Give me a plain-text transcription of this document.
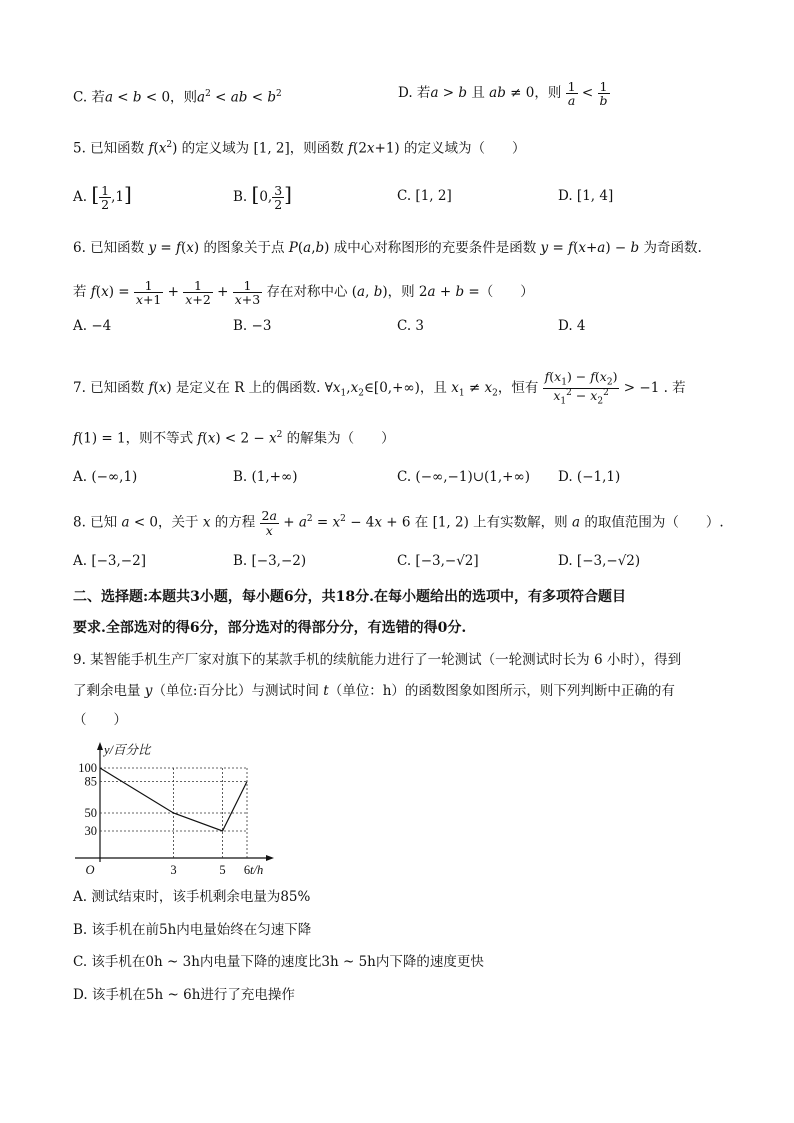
C. 若a < b < 0，则$a^2$ < ab < $b^2$	D. 若a > b 且 ab ≠ 0，则 $\frac{1}{a} < \frac{1}{b}$
5. 已知函数 $f(x^2)$ 的定义域为 [1, 2]，则函数 f(2x+1) 的定义域为（　　）
A. [ $\frac{1}{2} ,1$]	B. [0, $\frac{3}{2}$ ]	C. [1, 2]	D. [1, 4]
6. 已知函数 y = f(x) 的图象关于点 P(a,b) 成中心对称图形的充要条件是函数 y = f(x+a) − b 为奇函数.
若 $f(x) = \frac{1}{x+1} + \frac{1}{x+2} + \frac{1}{x+3}$ 存在对称中心 (a, b)，则 2a + b =（　　）
A. −4	B. −3	C. 3	D. 4
7. 已知函数 f(x) 是定义在 R 上的偶函数. $\forall x_1,x_2\in[0,+\infty)$，且 $x_1 \ne x_2$，恒有 $\frac{f(x_1) - f(x_2)}{x_1^2 - x_2^2} > -1$ . 若
f(1) = 1，则不等式 $f(x) < 2 - x^2$ 的解集为（　　）
A. (−∞,1)	B. (1,+∞)	C. (−∞,−1)∪(1,+∞) D. (−1,1)
8. 已知 a < 0，关于 x 的方程 $\frac{2a}{x} + a^2 = x^2 - 4x + 6$ 在 [1, 2) 上有实数解，则 a 的取值范围为（　　）.
A. [−3,−2]	B. [−3,−2)	C. [−3,−√2]	D. [−3,−√2)
二、选择题:本题共3小题，每小题6分，共18分.在每小题给出的选项中，有多项符合题目
要求.全部选对的得6分，部分选对的得部分分，有选错的得0分.
9. 某智能手机生产厂家对旗下的某款手机的续航能力进行了一轮测试（一轮测试时长为 6 小时），得到
了剩余电量 y（单位:百分比）与测试时间 t（单位：h）的函数图象如图所示，则下列判断中正确的有
（　　）
100
85
50
30
3	5 6
O
y/百分比
t/h
A. 测试结束时，该手机剩余电量为85%
B. 该手机在前5h内电量始终在匀速下降
C. 该手机在0h ~ 3h内电量下降的速度比3h ~ 5h内下降的速度更快
D. 该手机在5h ~ 6h进行了充电操作
